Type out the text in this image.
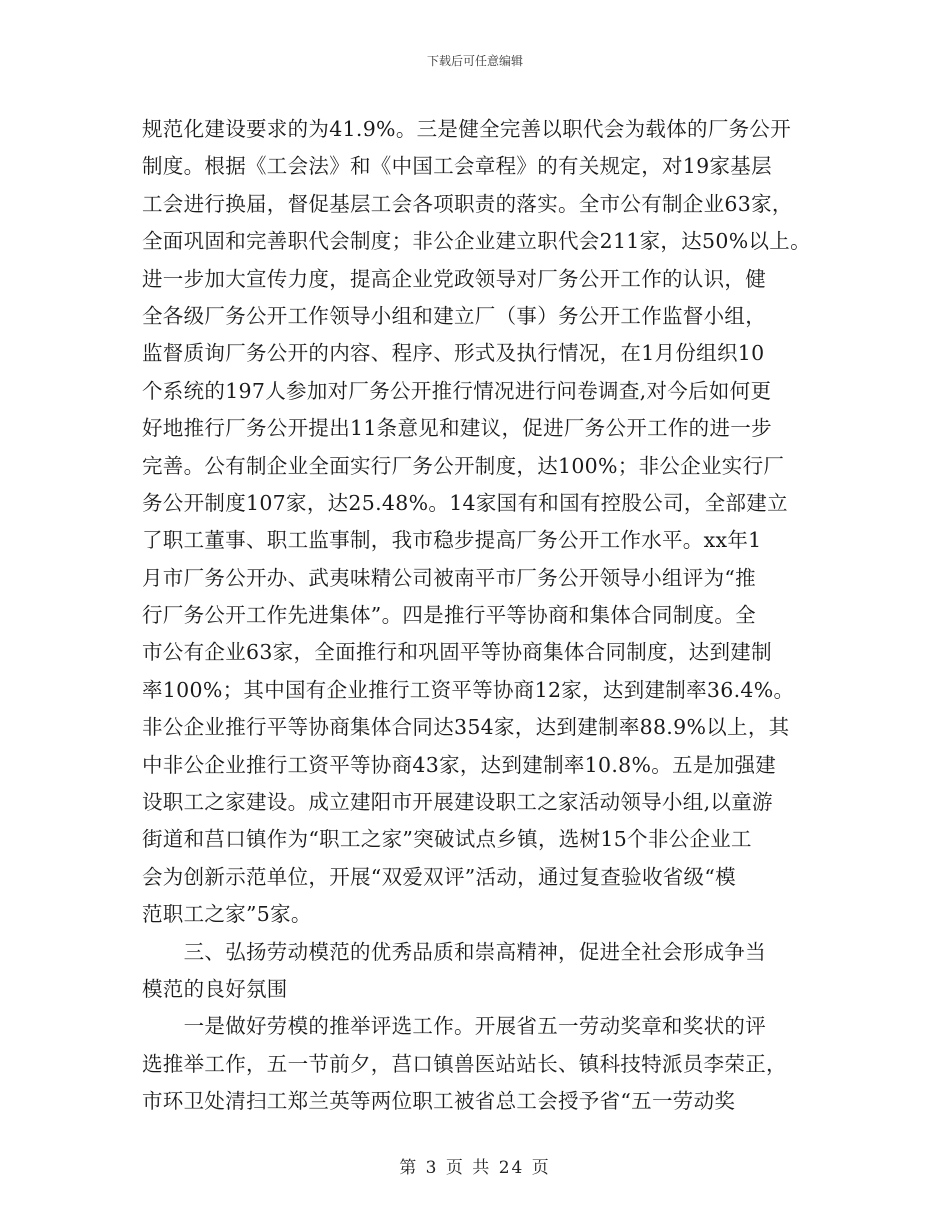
下载后可任意编辑
规范化建设要求的为41.9%。三是健全完善以职代会为载体的厂务公开
制度。根据《工会法》和《中国工会章程》的有关规定，对19家基层
工会进行换届，督促基层工会各项职责的落实。全市公有制企业63家，
全面巩固和完善职代会制度；非公企业建立职代会211家，达50%以上。
进一步加大宣传力度，提高企业党政领导对厂务公开工作的认识，健
全各级厂务公开工作领导小组和建立厂（事）务公开工作监督小组，
监督质询厂务公开的内容、程序、形式及执行情况，在1月份组织10
个系统的197人参加对厂务公开推行情况进行问卷调查,对今后如何更
好地推行厂务公开提出11条意见和建议，促进厂务公开工作的进一步
完善。公有制企业全面实行厂务公开制度，达100%；非公企业实行厂
务公开制度107家，达25.48%。14家国有和国有控股公司，全部建立
了职工董事、职工监事制，我市稳步提高厂务公开工作水平。xx年1
月市厂务公开办、武夷味精公司被南平市厂务公开领导小组评为“推
行厂务公开工作先进集体”。四是推行平等协商和集体合同制度。全
市公有企业63家，全面推行和巩固平等协商集体合同制度，达到建制
率100%；其中国有企业推行工资平等协商12家，达到建制率36.4%。
非公企业推行平等协商集体合同达354家，达到建制率88.9%以上，其
中非公企业推行工资平等协商43家，达到建制率10.8%。五是加强建
设职工之家建设。成立建阳市开展建设职工之家活动领导小组,以童游
街道和莒口镇作为“职工之家”突破试点乡镇，选树15个非公企业工
会为创新示范单位，开展“双爱双评”活动，通过复查验收省级“模
范职工之家”5家。
　　三、弘扬劳动模范的优秀品质和崇高精神，促进全社会形成争当
模范的良好氛围
　　一是做好劳模的推举评选工作。开展省五一劳动奖章和奖状的评
选推举工作，五一节前夕，莒口镇兽医站站长、镇科技特派员李荣正，
市环卫处清扫工郑兰英等两位职工被省总工会授予省“五一劳动奖
第 3 页 共 24 页
